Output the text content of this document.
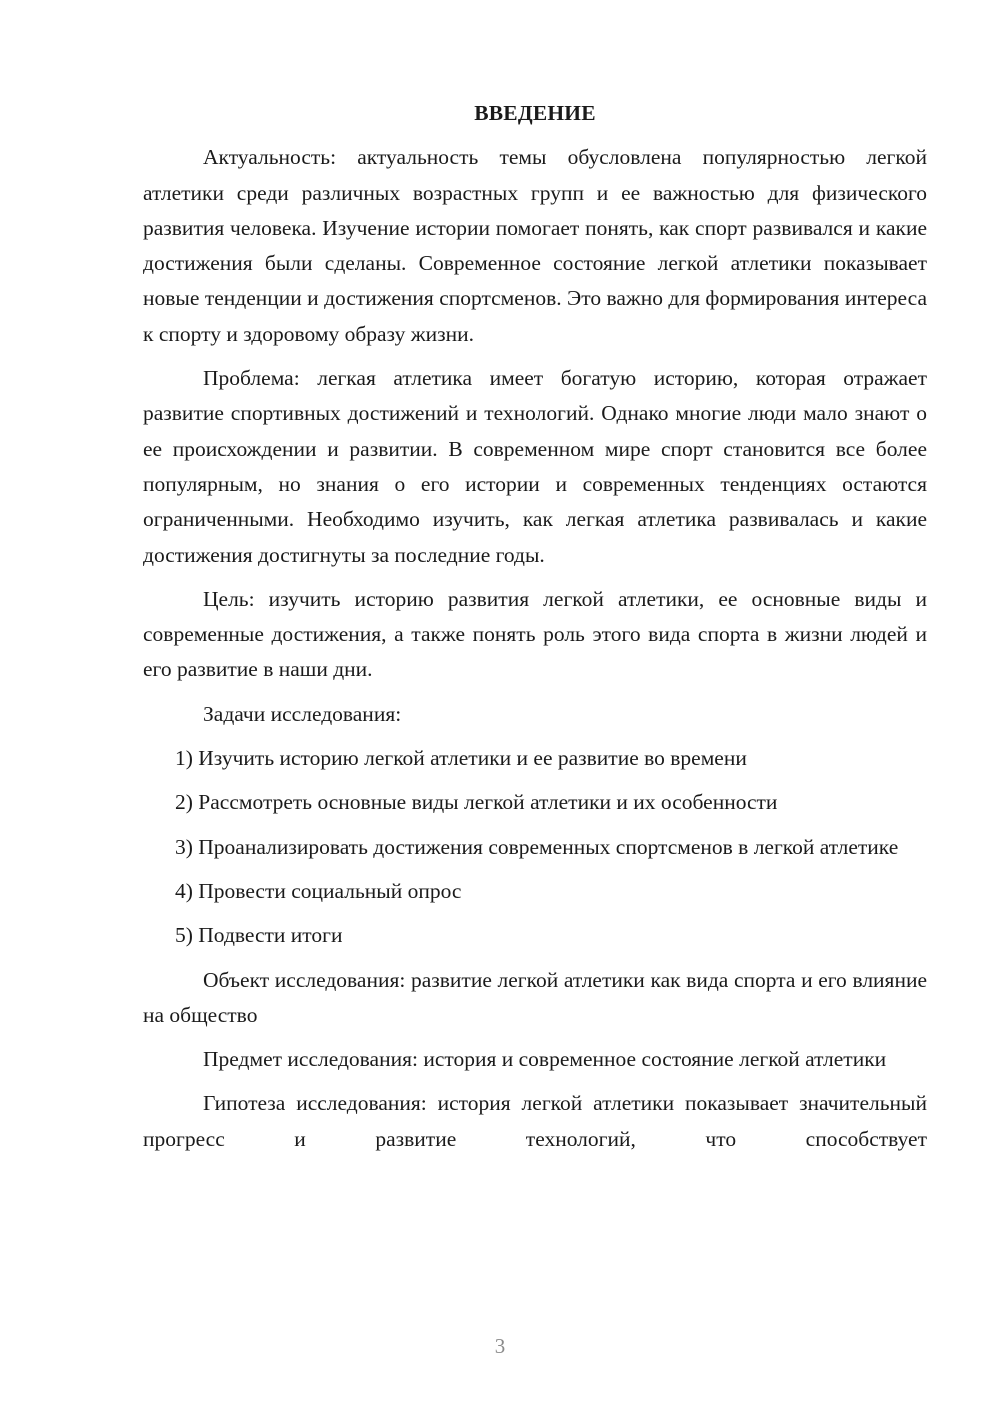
ВВЕДЕНИЕ

Актуальность: актуальность темы обусловлена популярностью легкой атлетики среди различных возрастных групп и ее важностью для физического развития человека. Изучение истории помогает понять, как спорт развивался и какие достижения были сделаны. Современное состояние легкой атлетики показывает новые тенденции и достижения спортсменов. Это важно для формирования интереса к спорту и здоровому образу жизни.

Проблема: легкая атлетика имеет богатую историю, которая отражает развитие спортивных достижений и технологий. Однако многие люди мало знают о ее происхождении и развитии. В современном мире спорт становится все более популярным, но знания о его истории и современных тенденциях остаются ограниченными. Необходимо изучить, как легкая атлетика развивалась и какие достижения достигнуты за последние годы.

Цель: изучить историю развития легкой атлетики, ее основные виды и современные достижения, а также понять роль этого вида спорта в жизни людей и его развитие в наши дни.

Задачи исследования:

1) Изучить историю легкой атлетики и ее развитие во времени

2) Рассмотреть основные виды легкой атлетики и их особенности

3) Проанализировать достижения современных спортсменов в легкой атлетике

4) Провести социальный опрос

5) Подвести итоги

Объект исследования: развитие легкой атлетики как вида спорта и его влияние на общество

Предмет исследования: история и современное состояние легкой атлетики

Гипотеза исследования: история легкой атлетики показывает значительный прогресс и развитие технологий, что способствует

3
